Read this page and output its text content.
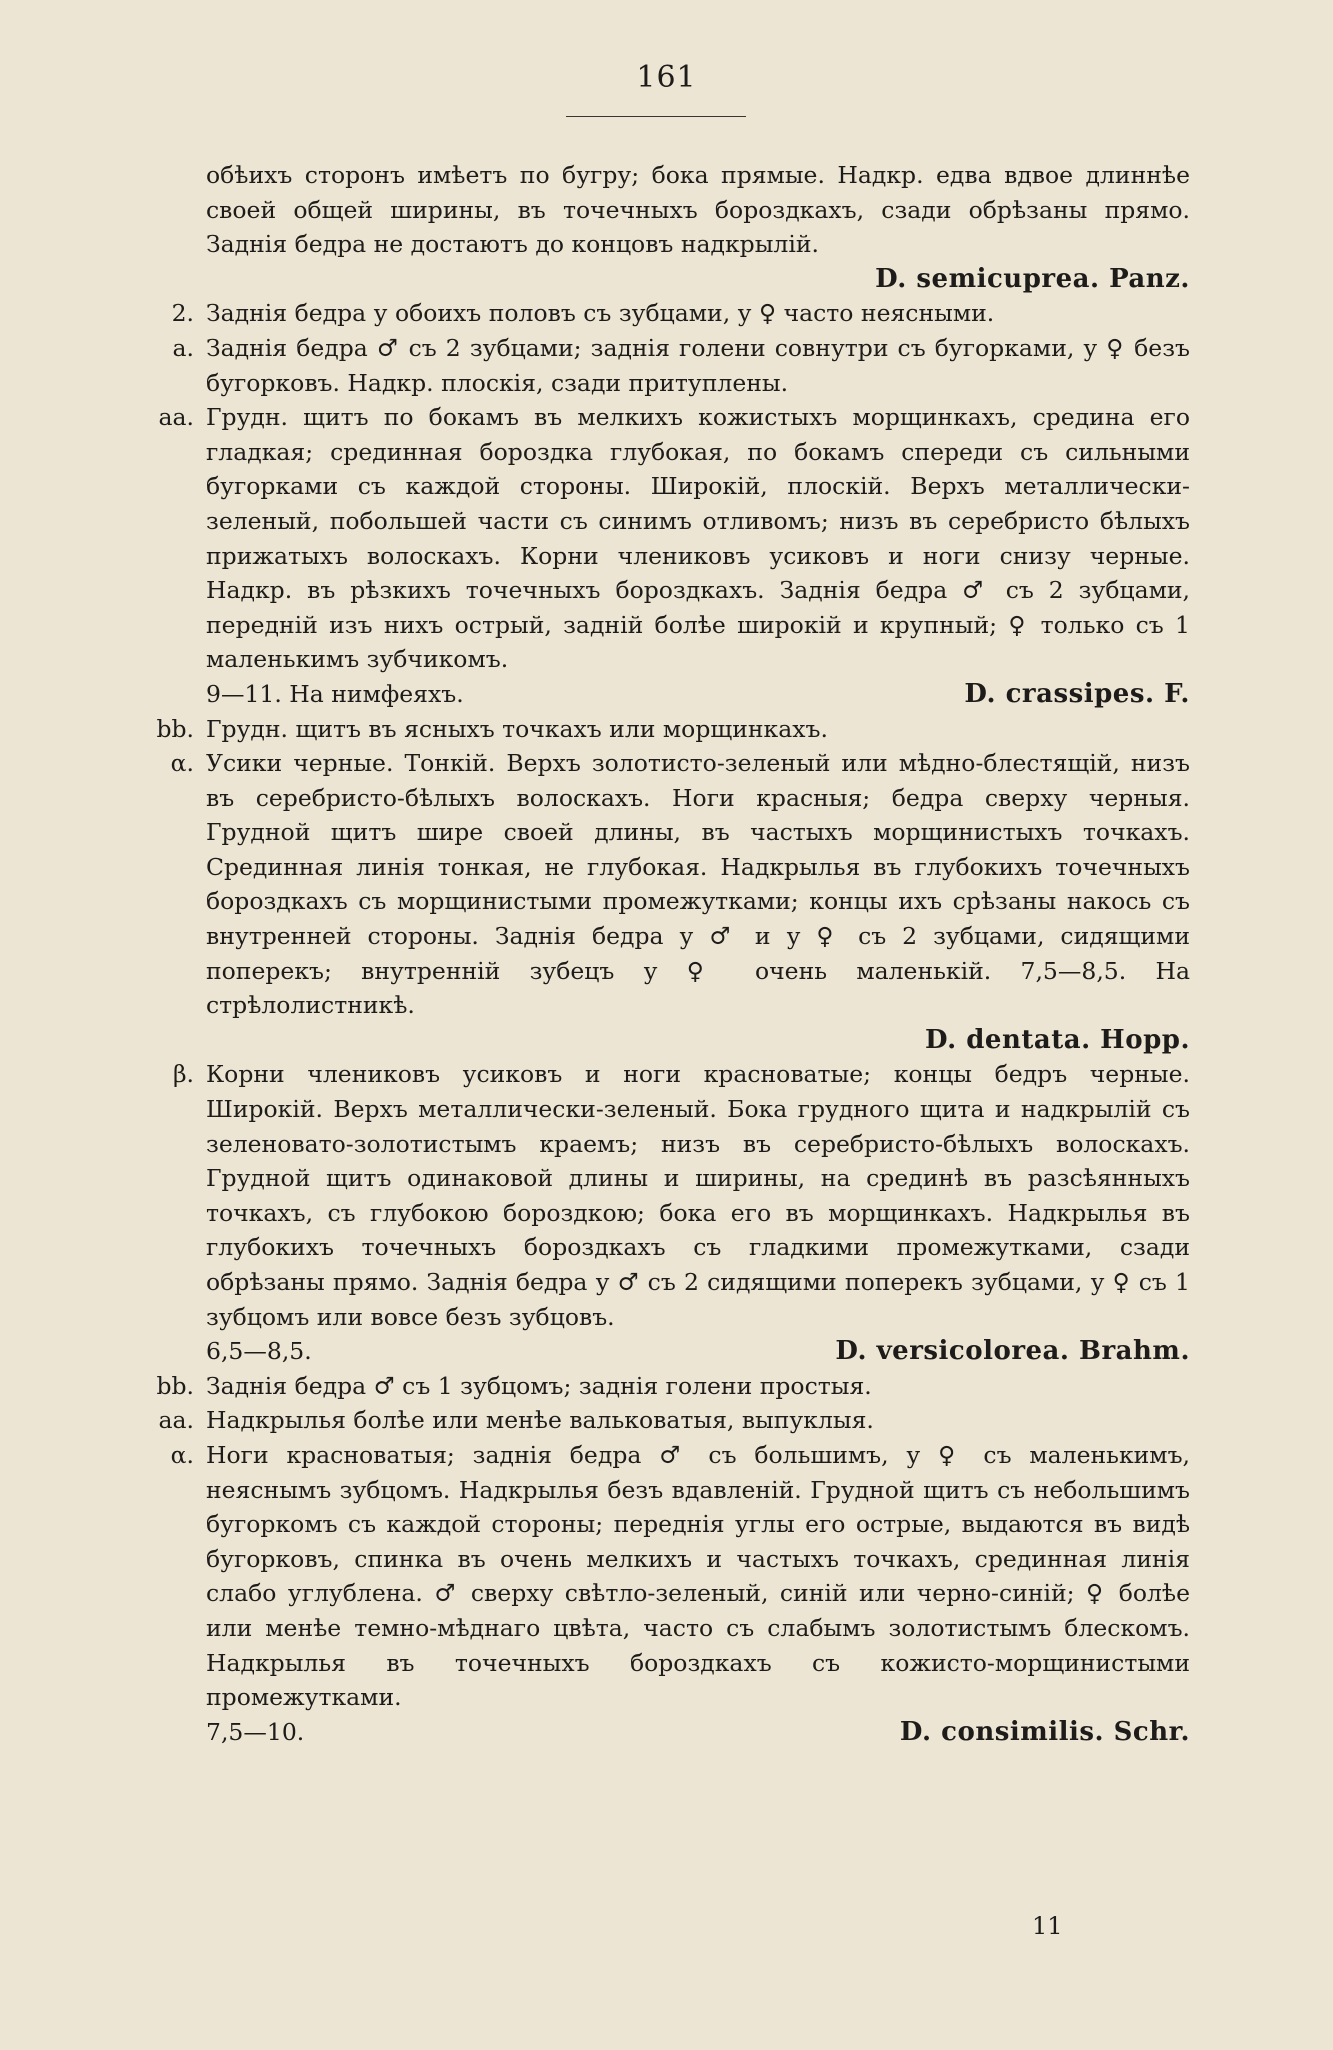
161
обѣихъ сторонъ имѣетъ по бугру; бока прямые. Надкр. едва вдвое длиннѣе своей общей ширины, въ точечныхъ бороздкахъ, сзади обрѣзаны прямо. Заднія бедра не достаютъ до концовъ надкрылій.
D. semicuprea. Panz.
2. Заднія бедра у обоихъ половъ съ зубцами, у ♀ часто неясными.
a. Заднія бедра ♂ съ 2 зубцами; заднія голени совнутри съ бугорками, у ♀ безъ бугорковъ. Надкр. плоскія, сзади притуплены.
aa. Грудн. щитъ по бокамъ въ мелкихъ кожистыхъ морщинкахъ, средина его гладкая; срединная бороздка глубокая, по бокамъ спереди съ сильными бугорками съ каждой стороны. Широкій, плоскій. Верхъ металлически-зеленый, побольшей части съ синимъ отливомъ; низъ въ серебристо бѣлыхъ прижатыхъ волоскахъ. Корни члениковъ усиковъ и ноги снизу черные. Надкр. въ рѣзкихъ точечныхъ бороздкахъ. Заднія бедра ♂ съ 2 зубцами, передній изъ нихъ острый, задній болѣе широкій и крупный; ♀ только съ 1 маленькимъ зубчикомъ.
9—11. На нимфеяхъ.	D. crassipes. F.
bb. Грудн. щитъ въ ясныхъ точкахъ или морщинкахъ.
α. Усики черные. Тонкій. Верхъ золотисто-зеленый или мѣдно-блестящій, низъ въ серебристо-бѣлыхъ волоскахъ. Ноги красныя; бедра сверху черныя. Грудной щитъ шире своей длины, въ частыхъ морщинистыхъ точкахъ. Срединная линія тонкая, не глубокая. Надкрылья въ глубокихъ точечныхъ бороздкахъ съ морщинистыми промежутками; концы ихъ срѣзаны накось съ внутренней стороны. Заднія бедра у ♂ и у ♀ съ 2 зубцами, сидящими поперекъ; внутренній зубецъ у ♀ очень маленькій. 7,5—8,5. На стрѣлолистникѣ.
D. dentata. Hopp.
β. Корни члениковъ усиковъ и ноги красноватые; концы бедръ черные. Широкій. Верхъ металлически-зеленый. Бока грудного щита и надкрылій съ зеленовато-золотистымъ краемъ; низъ въ серебристо-бѣлыхъ волоскахъ. Грудной щитъ одинаковой длины и ширины, на срединѣ въ разсѣянныхъ точкахъ, съ глубокою бороздкою; бока его въ морщинкахъ. Надкрылья въ глубокихъ точечныхъ бороздкахъ съ гладкими промежутками, сзади обрѣзаны прямо. Заднія бедра у ♂ съ 2 сидящими поперекъ зубцами, у ♀ съ 1 зубцомъ или вовсе безъ зубцовъ.
6,5—8,5.	D. versicolorea. Brahm.
bb. Заднія бедра ♂ съ 1 зубцомъ; заднія голени простыя.
aa. Надкрылья болѣе или менѣе вальковатыя, выпуклыя.
α. Ноги красноватыя; заднія бедра ♂ съ большимъ, у ♀ съ маленькимъ, неяснымъ зубцомъ. Надкрылья безъ вдавленій. Грудной щитъ съ небольшимъ бугоркомъ съ каждой стороны; переднія углы его острые, выдаются въ видѣ бугорковъ, спинка въ очень мелкихъ и частыхъ точкахъ, срединная линія слабо углублена. ♂ сверху свѣтло-зеленый, синій или черно-синій; ♀ болѣе или менѣе темно-мѣднаго цвѣта, часто съ слабымъ золотистымъ блескомъ. Надкрылья въ точечныхъ бороздкахъ съ кожисто-морщинистыми промежутками.
7,5—10.	D. consimilis. Schr.
11
